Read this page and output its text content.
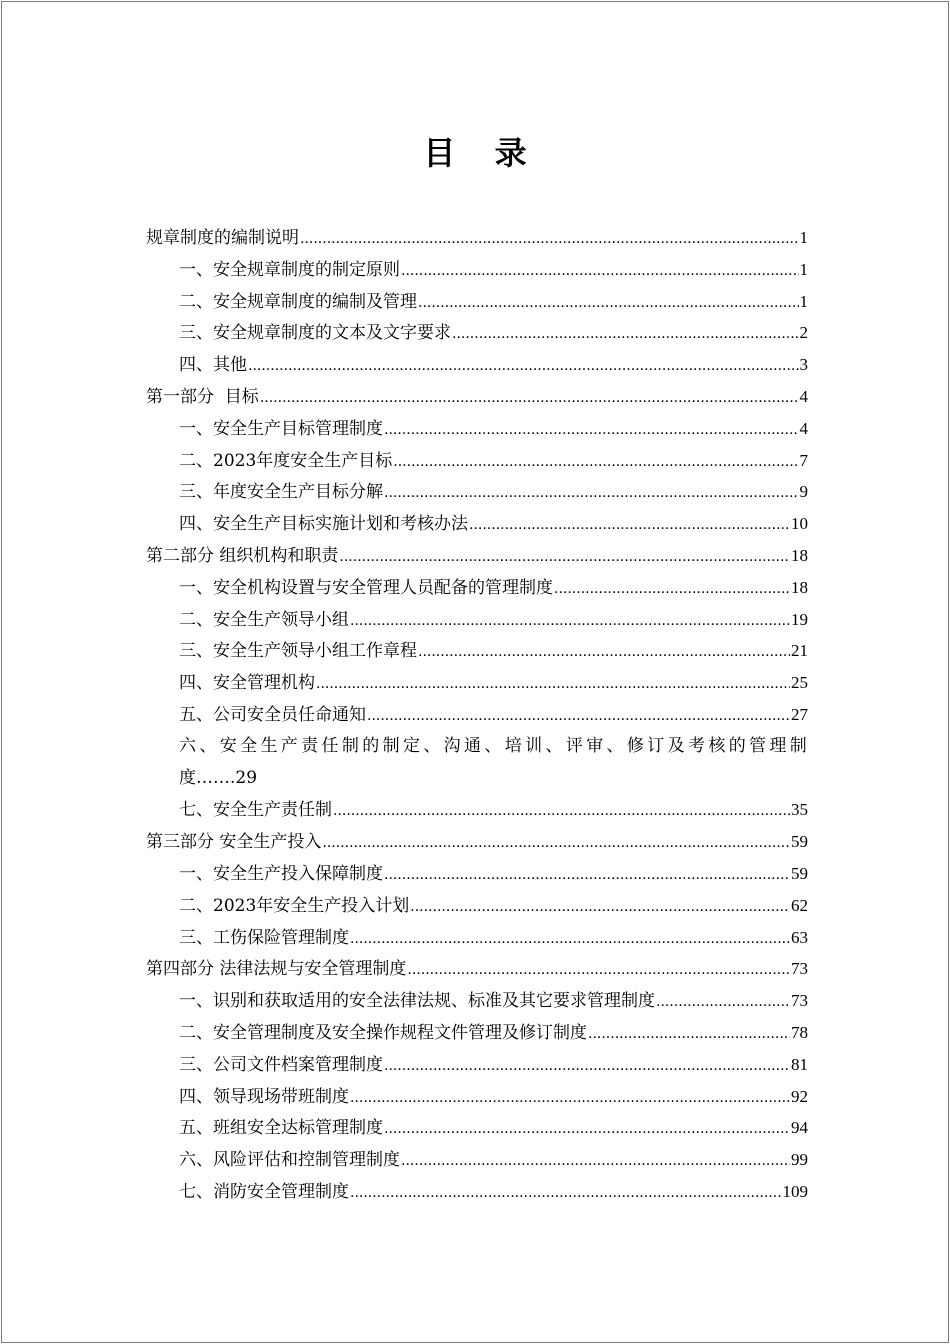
目 录
规章制度的编制说明 .....	1
一、安全规章制度的制定原则 .....	1
二、安全规章制度的编制及管理 .....	1
三、安全规章制度的文本及文字要求 .....	2
四、其他 .....	3
第一部分  目标 .....	4
一、安全生产目标管理制度 .....	4
二、2023年度安全生产目标 .....	7
三、年度安全生产目标分解 .....	9
四、安全生产目标实施计划和考核办法 .....	10
第二部分 组织机构和职责 .....	18
一、安全机构设置与安全管理人员配备的管理制度 .....	18
二、安全生产领导小组 .....	19
三、安全生产领导小组工作章程 .....	21
四、安全管理机构 .....	25
五、公司安全员任命通知 .....	27
六、安全生产责任制的制定、沟通、培训、评审、修订及考核的管理制
度…….29
七、安全生产责任制 .....	35
第三部分 安全生产投入 .....	59
一、安全生产投入保障制度 .....	59
二、2023年安全生产投入计划 .....	62
三、工伤保险管理制度 .....	63
第四部分 法律法规与安全管理制度 .....	73
一、识别和获取适用的安全法律法规、标准及其它要求管理制度 .....	73
二、安全管理制度及安全操作规程文件管理及修订制度 .....	78
三、公司文件档案管理制度 .....	81
四、领导现场带班制度 .....	92
五、班组安全达标管理制度 .....	94
六、风险评估和控制管理制度 .....	99
七、消防安全管理制度 .....	109
